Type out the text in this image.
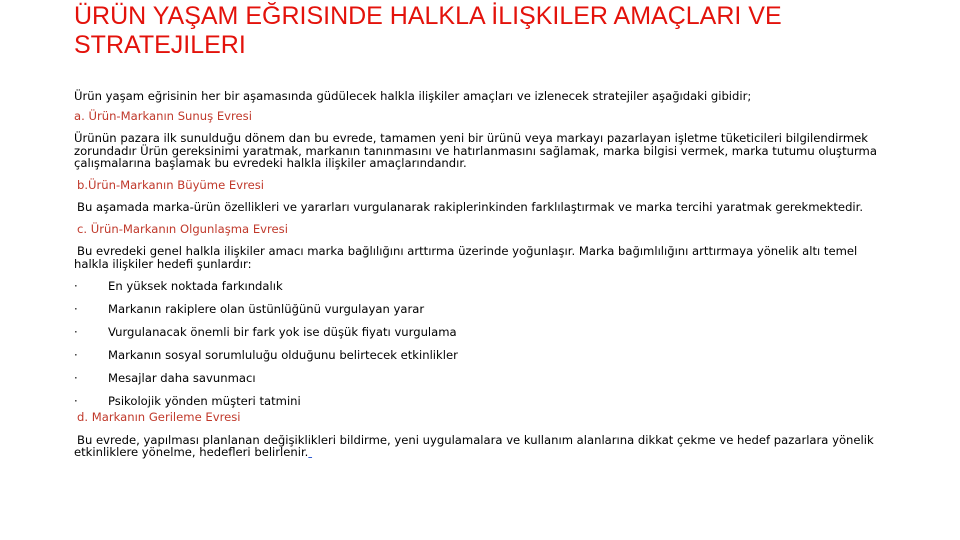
ÜRÜN YAŞAM EĞRISINDE HALKLA İLIŞKILER AMAÇLARI VE STRATEJILERI

Ürün yaşam eğrisinin her bir aşamasında güdülecek halkla ilişkiler amaçları ve izlenecek stratejiler aşağıdaki gibidir;

a. Ürün-Markanın Sunuş Evresi

Ürünün pazara ilk sunulduğu dönem dan bu evrede, tamamen yeni bir ürünü veya markayı pazarlayan işletme tüketicileri bilgilendirmek zorundadır Ürün gereksinimi yaratmak, markanın tanınmasını ve hatırlanmasını sağlamak, marka bilgisi vermek, marka tutumu oluşturma çalışmalarına başlamak bu evredeki halkla ilişkiler amaçlarındandır.

b.Ürün-Markanın Büyüme Evresi

Bu aşamada marka-ürün özellikleri ve yararları vurgulanarak rakiplerinkinden farklılaştırmak ve marka tercihi yaratmak gerekmektedir.

c. Ürün-Markanın Olgunlaşma Evresi

Bu evredeki genel halkla ilişkiler amacı marka bağlılığını arttırma üzerinde yoğunlaşır. Marka bağımlılığını arttırmaya yönelik altı temel halkla ilişkiler hedefi şunlardır:

·	En yüksek noktada farkındalık
·	Markanın rakiplere olan üstünlüğünü vurgulayan yarar
·	Vurgulanacak önemli bir fark yok ise düşük fiyatı vurgulama
·	Markanın sosyal sorumluluğu olduğunu belirtecek etkinlikler
·	Mesajlar daha savunmacı
·	Psikolojik yönden müşteri tatmini

d. Markanın Gerileme Evresi

Bu evrede, yapılması planlanan değişiklikleri bildirme, yeni uygulamalara ve kullanım alanlarına dikkat çekme ve hedef pazarlara yönelik etkinliklere yönelme, hedefleri belirlenir.
